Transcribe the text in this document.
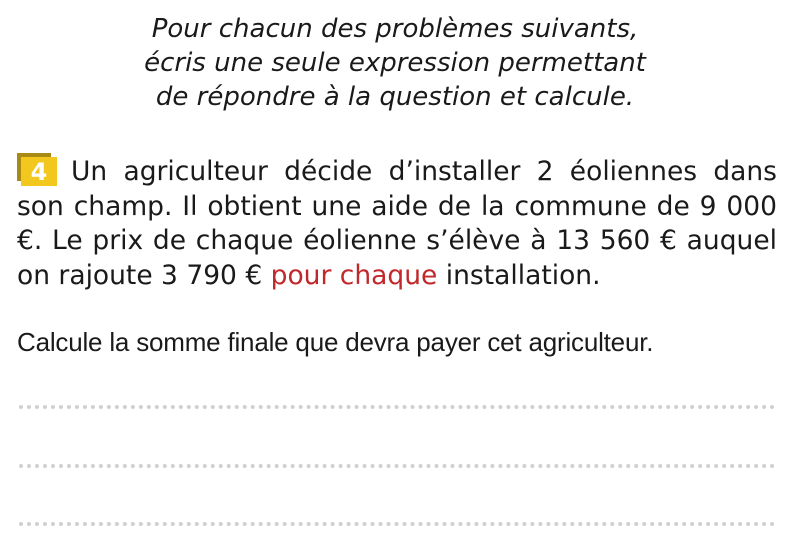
Pour chacun des problèmes suivants,
écris une seule expression permettant
de répondre à la question et calcule.
4 Un agriculteur décide d’installer 2 éoliennes dans son champ. Il obtient une aide de la commune de 9 000 €. Le prix de chaque éolienne s’élève à 13 560 € auquel on rajoute 3 790 € pour chaque installation.
Calcule la somme finale que devra payer cet agriculteur.
